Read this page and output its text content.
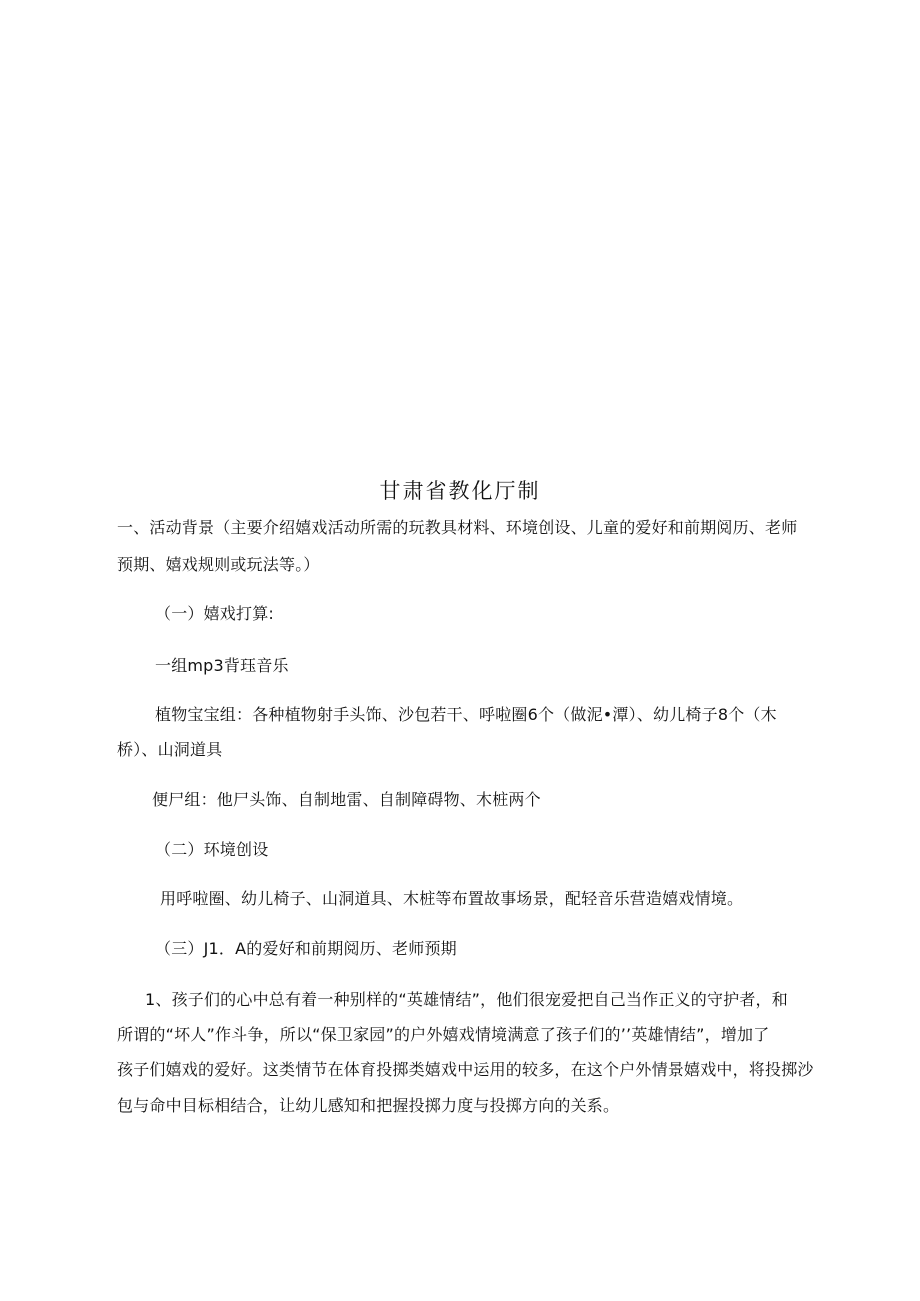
甘肃省教化厅制
一、活动背景（主要介绍嬉戏活动所需的玩教具材料、环境创设、儿童的爱好和前期阅历、老师
预期、嬉戏规则或玩法等。）
（一）嬉戏打算:
一组mp3背珏音乐
植物宝宝组：各种植物射手头饰、沙包若干、呼啦圈6个（做泥•潭）、幼儿椅子8个（木
桥）、山洞道具
便尸组：他尸头饰、自制地雷、自制障碍物、木桩两个
（二）环境创设
用呼啦圈、幼儿椅子、山洞道具、木桩等布置故事场景，配轻音乐营造嬉戏情境。
（三）J1．A的爱好和前期阅历、老师预期
1、孩子们的心中总有着一种别样的“英雄情结”，他们很宠爱把自己当作正义的守护者，和
所谓的“坏人”作斗争，所以“保卫家园”的户外嬉戏情境满意了孩子们的’’英雄情结”，增加了
孩子们嬉戏的爱好。这类情节在体育投掷类嬉戏中运用的较多，在这个户外情景嬉戏中，将投掷沙
包与命中目标相结合，让幼儿感知和把握投掷力度与投掷方向的关系。
